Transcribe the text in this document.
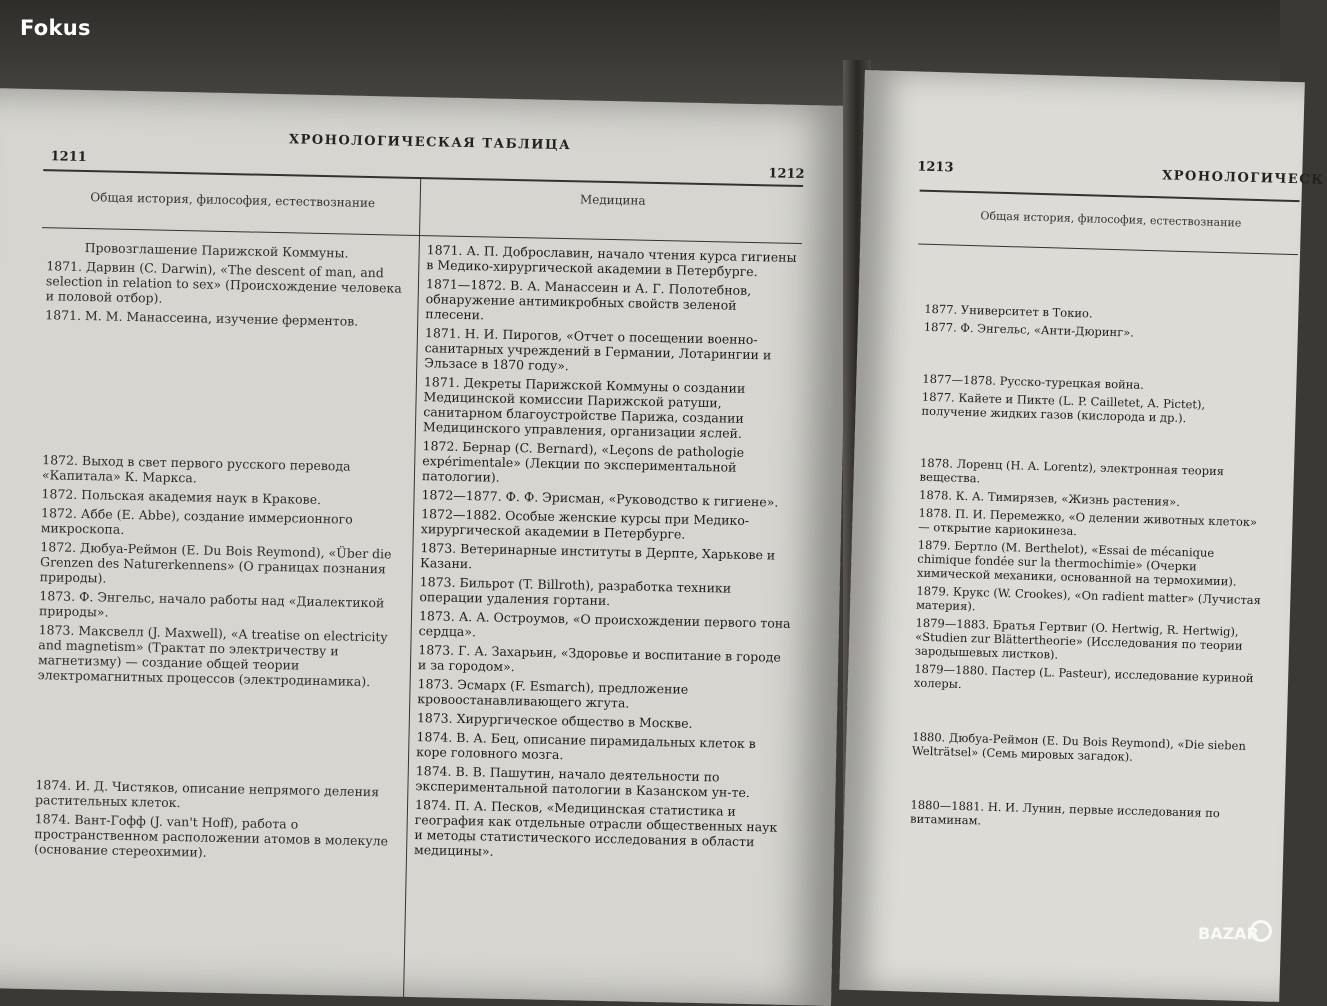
Fokus
ХРОНОЛОГИЧЕСКАЯ ТАБЛИЦА
1211
1212
Общая история, философия, естествознание	Медицина
Провозглашение Парижской Коммуны.
1871. Дарвин (C. Darwin), «The descent of man, and selection in relation to sex» (Происхождение человека и половой отбор).
1871. М. М. Манассеина, изучение ферментов.
1872. Выход в свет первого русского перевода «Капитала» К. Маркса.
1872. Польская академия наук в Кракове.
1872. Аббе (E. Abbe), создание иммерсионного микроскопа.
1872. Дюбуа-Реймон (E. Du Bois Reymond), «Über die Grenzen des Naturerkennens» (О границах познания природы).
1873. Ф. Энгельс, начало работы над «Диалектикой природы».
1873. Максвелл (J. Maxwell), «A treatise on electricity and magnetism» (Трактат по электричеству и магнетизму) — создание общей теории электромагнитных процессов (электродинамика).
1874. И. Д. Чистяков, описание непрямого деления растительных клеток.
1874. Вант-Гофф (J. van't Hoff), работа о пространственном расположении атомов в молекуле (основание стереохимии).
1871. А. П. Доброславин, начало чтения курса гигиены в Медико-хирургической академии в Петербурге.
1871—1872. В. А. Манассеин и А. Г. Полотебнов, обнаружение антимикробных свойств зеленой плесени.
1871. Н. И. Пирогов, «Отчет о посещении военно-санитарных учреждений в Германии, Лотарингии и Эльзасе в 1870 году».
1871. Декреты Парижской Коммуны о создании Медицинской комиссии Парижской ратуши, санитарном благоустройстве Парижа, создании Медицинского управления, организации яслей.
1872. Бернар (C. Bernard), «Leçons de pathologie expérimentale» (Лекции по экспериментальной патологии).
1872—1877. Ф. Ф. Эрисман, «Руководство к гигиене».
1872—1882. Особые женские курсы при Медико-хирургической академии в Петербурге.
1873. Ветеринарные институты в Дерпте, Харькове и Казани.
1873. Бильрот (T. Billroth), разработка техники операции удаления гортани.
1873. А. А. Остроумов, «О происхождении первого тона сердца».
1873. Г. А. Захарьин, «Здоровье и воспитание в городе и за городом».
1873. Эсмарх (F. Esmarch), предложение кровоостанавливающего жгута.
1873. Хирургическое общество в Москве.
1874. В. А. Бец, описание пирамидальных клеток в коре головного мозга.
1874. В. В. Пашутин, начало деятельности по экспериментальной патологии в Казанском ун-те.
1874. П. А. Песков, «Медицинская статистика и география как отдельные отрасли общественных наук и методы статистического исследования в области медицины».
1213
ХРОНОЛОГИЧЕСК
Общая история, философия, естествознание
1877. Университет в Токио.
1877. Ф. Энгельс, «Анти-Дюринг».
1877—1878. Русско-турецкая война.
1877. Кайете и Пикте (L. P. Cailletet, A. Pictet), получение жидких газов (кислорода и др.).
1878. Лоренц (H. A. Lorentz), электронная теория вещества.
1878. К. А. Тимирязев, «Жизнь растения».
1878. П. И. Перемежко, «О делении животных клеток» — открытие кариокинеза.
1879. Бертло (M. Berthelot), «Essai de mécanique chimique fondée sur la thermochimie» (Очерки химической механики, основанной на термохимии).
1879. Крукс (W. Crookes), «On radient matter» (Лучистая материя).
1879—1883. Братья Гертвиг (O. Hertwig, R. Hertwig), «Studien zur Blättertheorie» (Исследования по теории зародышевых листков).
1879—1880. Пастер (L. Pasteur), исследование куриной холеры.
1880. Дюбуа-Реймон (E. Du Bois Reymond), «Die sieben Welträtsel» (Семь мировых загадок).
1880—1881. Н. И. Лунин, первые исследования по витаминам.
BAZAR
